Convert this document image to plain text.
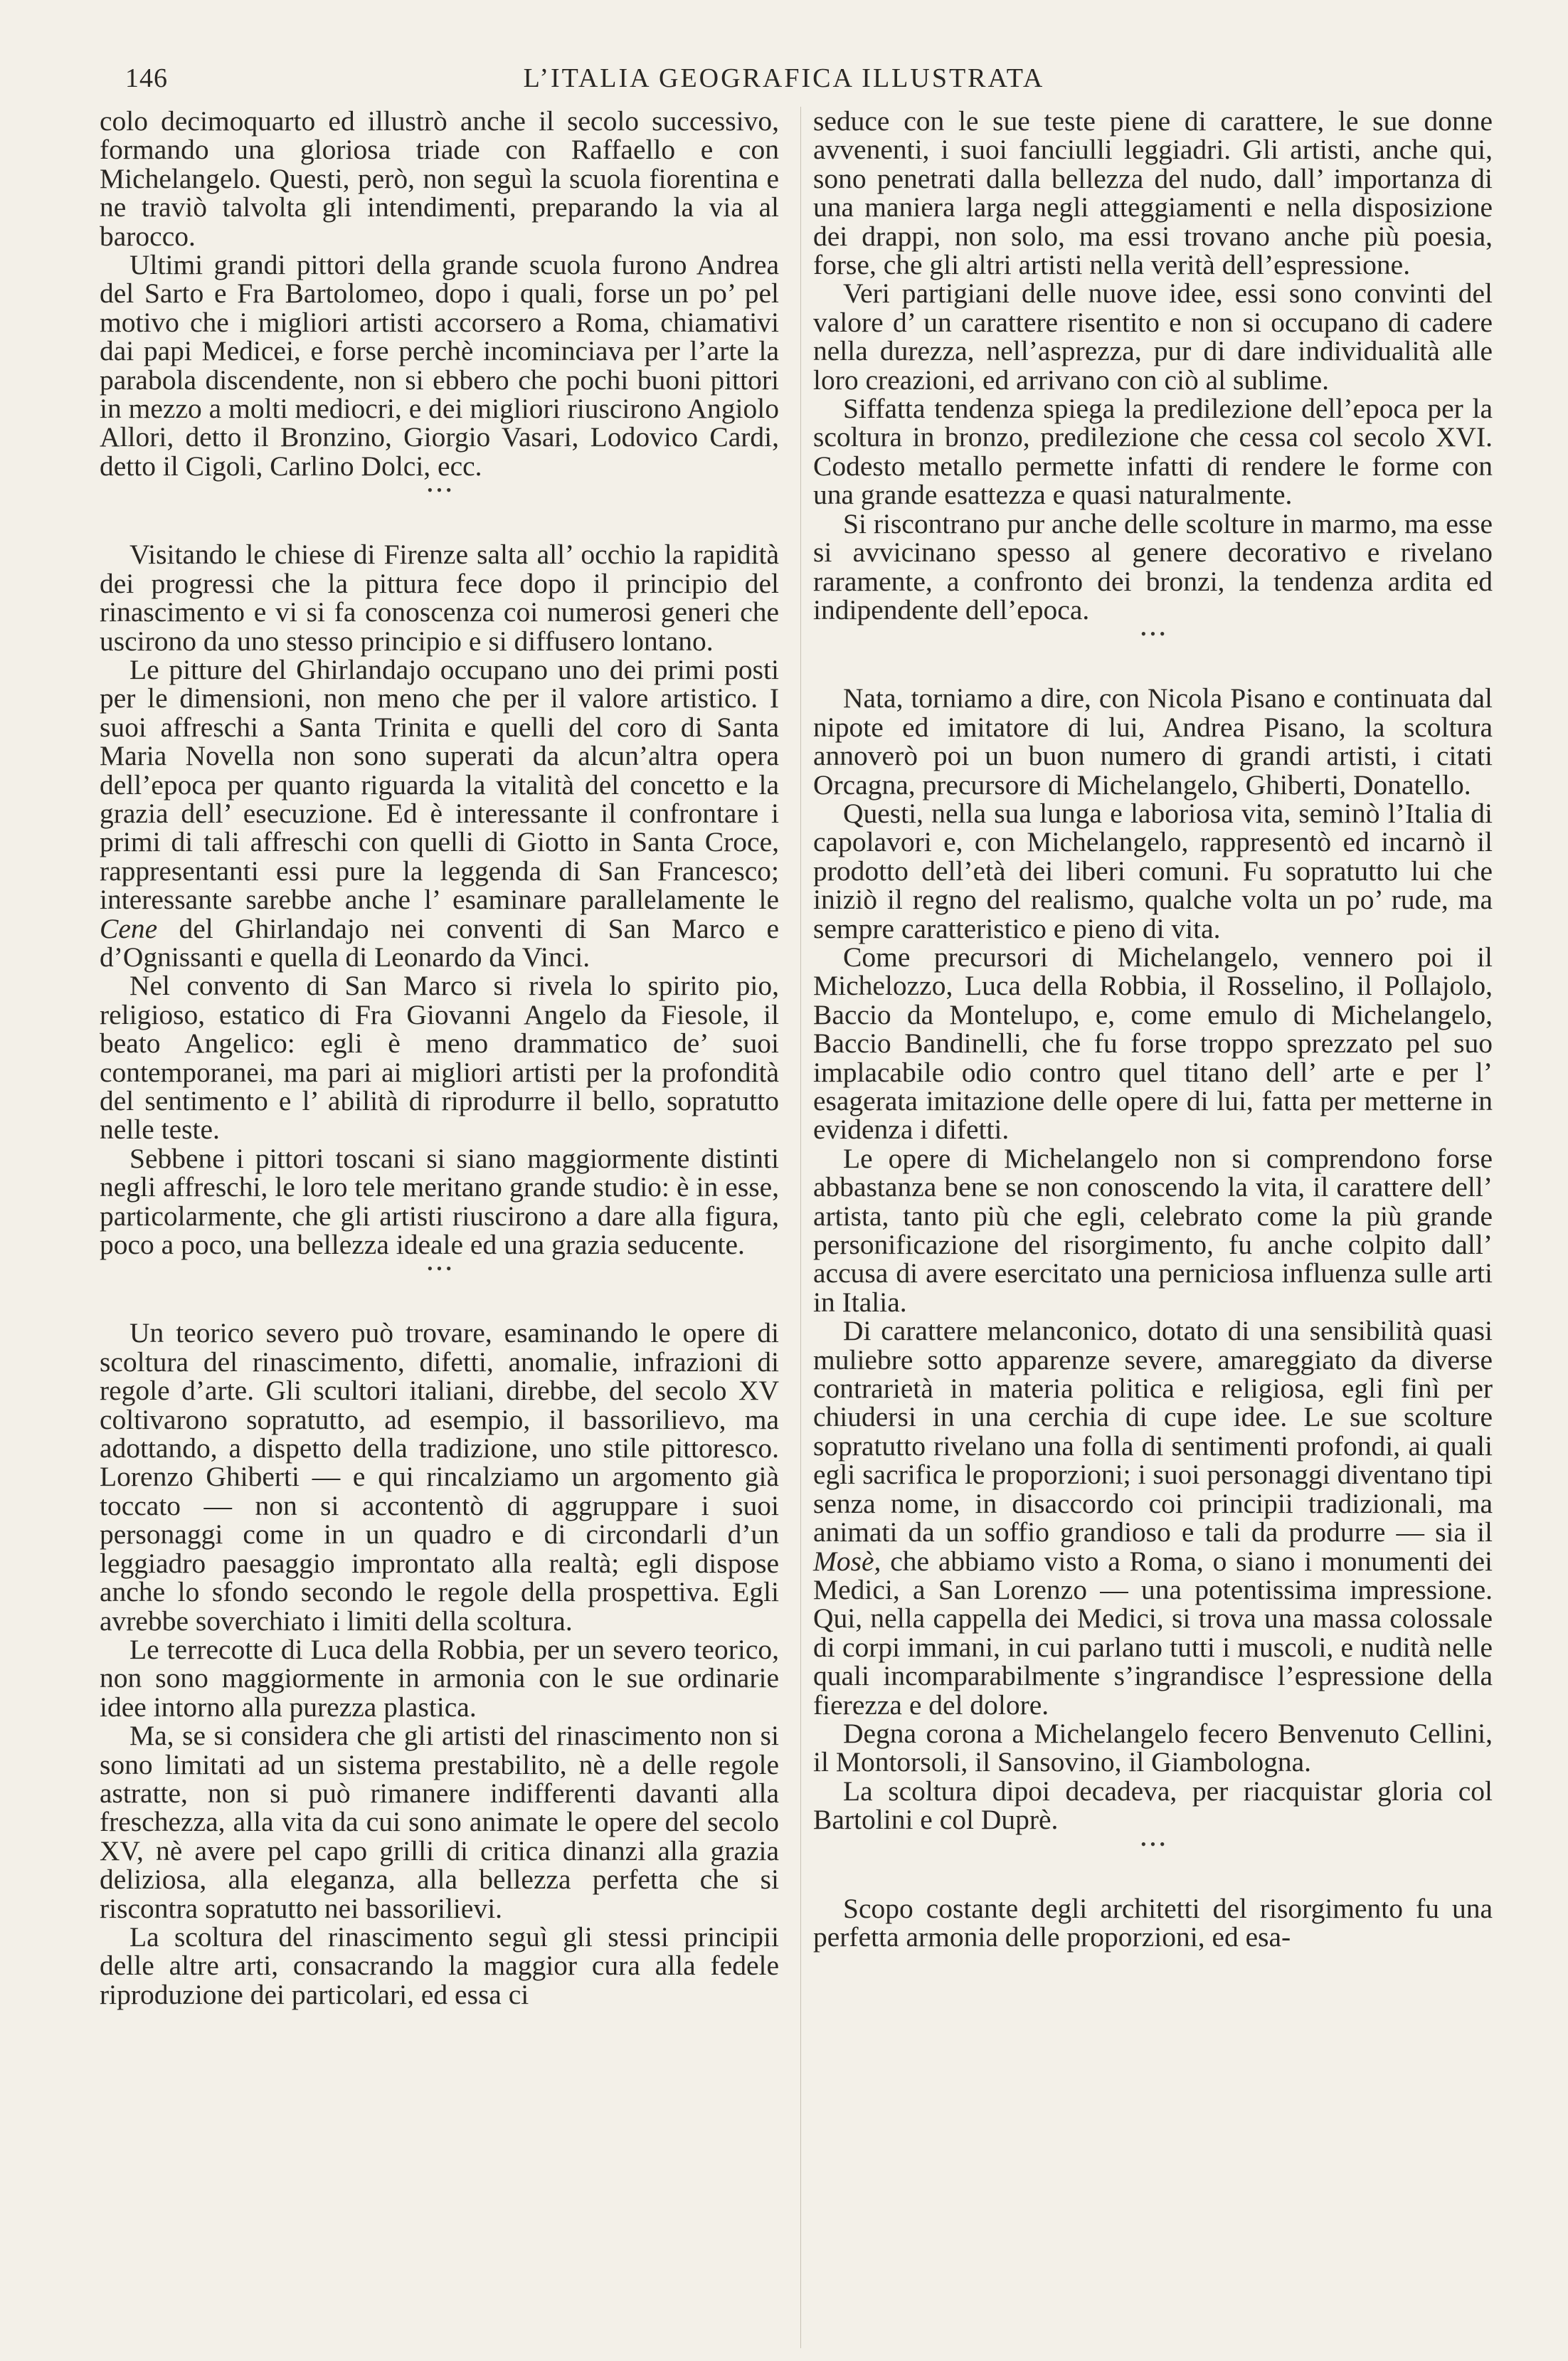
146	L’ITALIA GEOGRAFICA ILLUSTRATA

colo decimoquarto ed illustrò anche il secolo successivo, formando una gloriosa triade con Raffaello e con Michelangelo. Questi, però, non seguì la scuola fiorentina e ne traviò talvolta gli intendimenti, preparando la via al barocco.

Ultimi grandi pittori della grande scuola furono Andrea del Sarto e Fra Bartolomeo, dopo i quali, forse un po’ pel motivo che i migliori artisti accorsero a Roma, chiamativi dai papi Medicei, e forse perchè incominciava per l’arte la parabola discendente, non si ebbero che pochi buoni pittori in mezzo a molti mediocri, e dei migliori riuscirono Angiolo Allori, detto il Bronzino, Giorgio Vasari, Lodovico Cardi, detto il Cigoli, Carlino Dolci, ecc.

• • •

Visitando le chiese di Firenze salta all’ occhio la rapidità dei progressi che la pittura fece dopo il principio del rinascimento e vi si fa conoscenza coi numerosi generi che uscirono da uno stesso principio e si diffusero lontano.

Le pitture del Ghirlandajo occupano uno dei primi posti per le dimensioni, non meno che per il valore artistico. I suoi affreschi a Santa Trinita e quelli del coro di Santa Maria Novella non sono superati da alcun’altra opera dell’epoca per quanto riguarda la vitalità del concetto e la grazia dell’ esecuzione. Ed è interessante il confrontare i primi di tali affreschi con quelli di Giotto in Santa Croce, rappresentanti essi pure la leggenda di San Francesco; interessante sarebbe anche l’ esaminare parallelamente le Cene del Ghirlandajo nei conventi di San Marco e d’Ognissanti e quella di Leonardo da Vinci.

Nel convento di San Marco si rivela lo spirito pio, religioso, estatico di Fra Giovanni Angelo da Fiesole, il beato Angelico: egli è meno drammatico de’ suoi contemporanei, ma pari ai migliori artisti per la profondità del sentimento e l’ abilità di riprodurre il bello, sopratutto nelle teste.

Sebbene i pittori toscani si siano maggiormente distinti negli affreschi, le loro tele meritano grande studio: è in esse, particolarmente, che gli artisti riuscirono a dare alla figura, poco a poco, una bellezza ideale ed una grazia seducente.

• • •

Un teorico severo può trovare, esaminando le opere di scoltura del rinascimento, difetti, anomalie, infrazioni di regole d’arte. Gli scultori italiani, direbbe, del secolo XV coltivarono sopratutto, ad esempio, il bassorilievo, ma adottando, a dispetto della tradizione, uno stile pittoresco. Lorenzo Ghiberti — e qui rincalziamo un argomento già toccato — non si accontentò di aggruppare i suoi personaggi come in un quadro e di circondarli d’un leggiadro paesaggio improntato alla realtà; egli dispose anche lo sfondo secondo le regole della prospettiva. Egli avrebbe soverchiato i limiti della scoltura.

Le terrecotte di Luca della Robbia, per un severo teorico, non sono maggiormente in armonia con le sue ordinarie idee intorno alla purezza plastica.

Ma, se si considera che gli artisti del rinascimento non si sono limitati ad un sistema prestabilito, nè a delle regole astratte, non si può rimanere indifferenti davanti alla freschezza, alla vita da cui sono animate le opere del secolo XV, nè avere pel capo grilli di critica dinanzi alla grazia deliziosa, alla eleganza, alla bellezza perfetta che si riscontra sopratutto nei bassorilievi.

La scoltura del rinascimento seguì gli stessi principii delle altre arti, consacrando la maggior cura alla fedele riproduzione dei particolari, ed essa ci

seduce con le sue teste piene di carattere, le sue donne avvenenti, i suoi fanciulli leggiadri. Gli artisti, anche qui, sono penetrati dalla bellezza del nudo, dall’ importanza di una maniera larga negli atteggiamenti e nella disposizione dei drappi, non solo, ma essi trovano anche più poesia, forse, che gli altri artisti nella verità dell’espressione.

Veri partigiani delle nuove idee, essi sono convinti del valore d’ un carattere risentito e non si occupano di cadere nella durezza, nell’asprezza, pur di dare individualità alle loro creazioni, ed arrivano con ciò al sublime.

Siffatta tendenza spiega la predilezione dell’epoca per la scoltura in bronzo, predilezione che cessa col secolo XVI. Codesto metallo permette infatti di rendere le forme con una grande esattezza e quasi naturalmente.

Si riscontrano pur anche delle scolture in marmo, ma esse si avvicinano spesso al genere decorativo e rivelano raramente, a confronto dei bronzi, la tendenza ardita ed indipendente dell’epoca.

• • •

Nata, torniamo a dire, con Nicola Pisano e continuata dal nipote ed imitatore di lui, Andrea Pisano, la scoltura annoverò poi un buon numero di grandi artisti, i citati Orcagna, precursore di Michelangelo, Ghiberti, Donatello.

Questi, nella sua lunga e laboriosa vita, seminò l’Italia di capolavori e, con Michelangelo, rappresentò ed incarnò il prodotto dell’età dei liberi comuni. Fu sopratutto lui che iniziò il regno del realismo, qualche volta un po’ rude, ma sempre caratteristico e pieno di vita.

Come precursori di Michelangelo, vennero poi il Michelozzo, Luca della Robbia, il Rosselino, il Pollajolo, Baccio da Montelupo, e, come emulo di Michelangelo, Baccio Bandinelli, che fu forse troppo sprezzato pel suo implacabile odio contro quel titano dell’ arte e per l’ esagerata imitazione delle opere di lui, fatta per metterne in evidenza i difetti.

Le opere di Michelangelo non si comprendono forse abbastanza bene se non conoscendo la vita, il carattere dell’ artista, tanto più che egli, celebrato come la più grande personificazione del risorgimento, fu anche colpito dall’ accusa di avere esercitato una perniciosa influenza sulle arti in Italia.

Di carattere melanconico, dotato di una sensibilità quasi muliebre sotto apparenze severe, amareggiato da diverse contrarietà in materia politica e religiosa, egli finì per chiudersi in una cerchia di cupe idee. Le sue scolture sopratutto rivelano una folla di sentimenti profondi, ai quali egli sacrifica le proporzioni; i suoi personaggi diventano tipi senza nome, in disaccordo coi principii tradizionali, ma animati da un soffio grandioso e tali da produrre — sia il Mosè, che abbiamo visto a Roma, o siano i monumenti dei Medici, a San Lorenzo — una potentissima impressione. Qui, nella cappella dei Medici, si trova una massa colossale di corpi immani, in cui parlano tutti i muscoli, e nudità nelle quali incomparabilmente s’ingrandisce l’espressione della fierezza e del dolore.

Degna corona a Michelangelo fecero Benvenuto Cellini, il Montorsoli, il Sansovino, il Giambologna.

La scoltura dipoi decadeva, per riacquistar gloria col Bartolini e col Duprè.

• • •

Scopo costante degli architetti del risorgimento fu una perfetta armonia delle proporzioni, ed esa-
